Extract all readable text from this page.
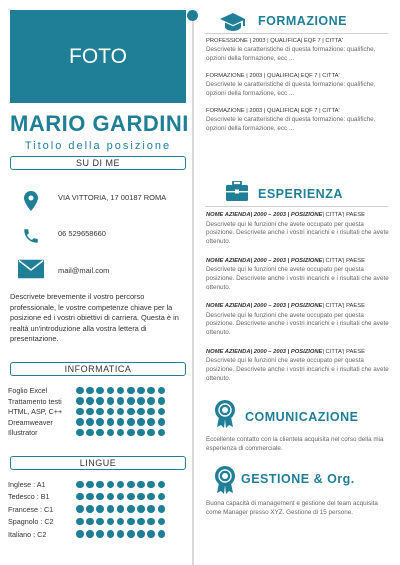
FOTO
MARIO GARDINI
Titolo della posizione
SU DI ME
VIA VITTORIA, 17 00187 ROMA
06 529658660
mail@mail.com
Descrivete brevemente il vostro percorso professionale, le vostre competenze chiave per la posizione ed i vostri obiettivi di carriera. Questa è in realtà un'introduzione alla vostra lettera di presentazione.
INFORMATICA
Foglio Excel
Trattamento testi
HTML, ASP, C++
Dreamweaver
Illustrator
LINGUE
Inglese : A1
Tedesco : B1
Francese : C1
Spagnolo : C2
Italiano : C2
FORMAZIONE
PROFESSIONE | 2003 | QUALIFICA| EQF 7 | CITTA'
Descrivete le caratteristiche di questa formazione: qualifiche, opzioni della formazione, ecc ...
FORMAZIONE | 2003 | QUALIFICA| EQF 7 | CITTA'
Descrivete le caratteristiche di questa formazione: qualifiche, opzioni della formazione, ecc ...
FORMAZIONE | 2003 | QUALIFICA| EQF 7 | CITTA'
Descrivete le caratteristiche di questa formazione: qualifiche, opzioni della formazione, ecc ...
ESPERIENZA
NOME AZIENDA| 2000 – 2003 | POSIZIONE| CITTA'| PAESE
Descrivete qui le funzioni che avete occupato per questa posizione. Descrivete anche i vostri incarichi e i risultati che avete ottenuto.
NOME AZIENDA| 2000 – 2003 | POSIZIONE| CITTA'| PAESE
Descrivete qui le funzioni che avete occupato per questa posizione. Descrivete anche i vostri incarichi e i risultati che avete ottenuto.
NOME AZIENDA| 2000 – 2003 | POSIZIONE| CITTA'| PAESE
Descrivete qui le funzioni che avete occupato per questa posizione. Descrivete anche i vostri incarichi e i risultati che avete ottenuto.
NOME AZIENDA| 2000 – 2003 | POSIZIONE| CITTA'| PAESE
Descrivete qui le funzioni che avete occupato per questa posizione. Descrivete anche i vostri incarichi e i risultati che avete ottenuto.
COMUNICAZIONE
Eccellente contatto con la clientela acquisita nel corso della mia esperienza di commerciale.
GESTIONE & Org.
Buona capacità di management e gestione del team acquisita come Manager presso XYZ. Gestione di 15 persone.
